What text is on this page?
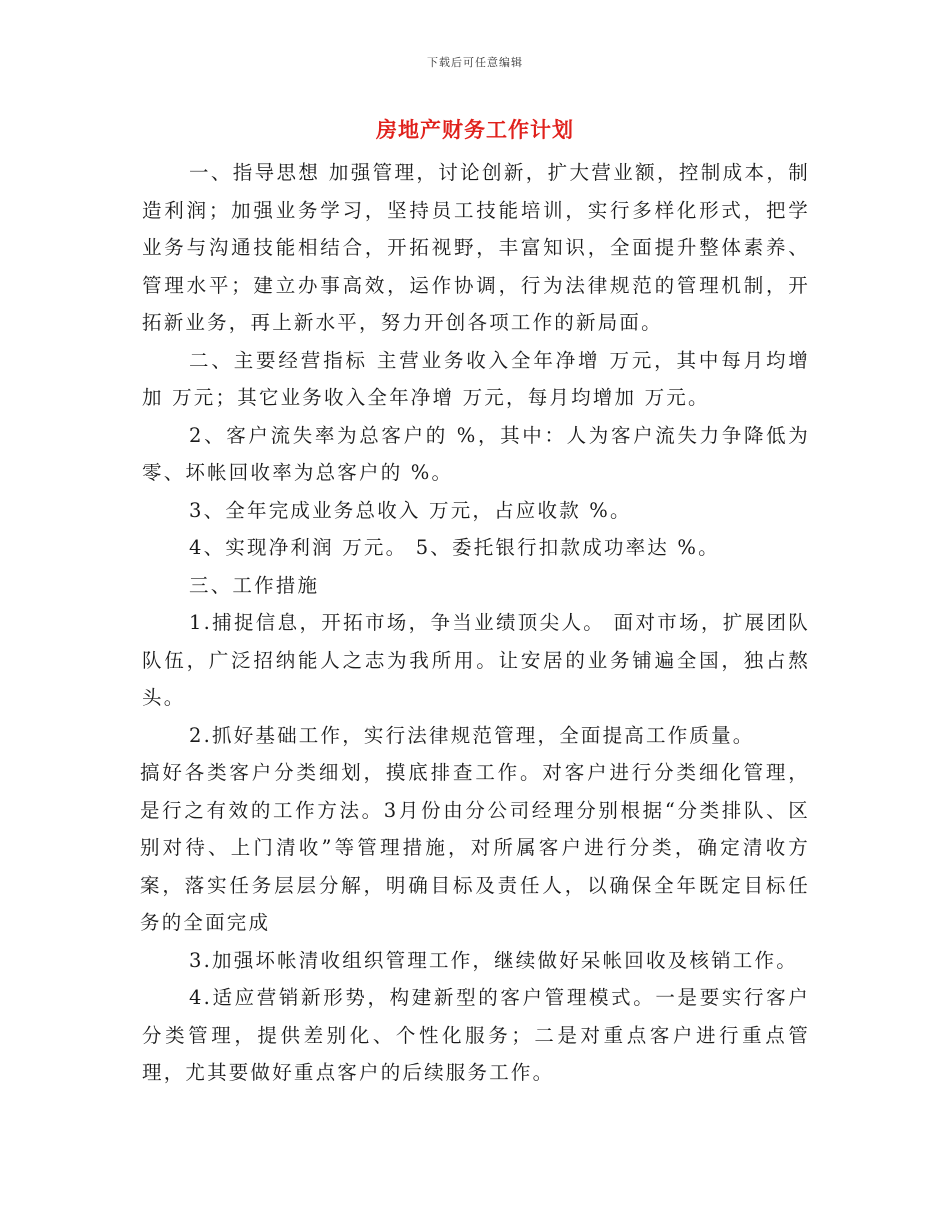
下载后可任意编辑
房地产财务工作计划

一、指导思想 加强管理，讨论创新，扩大营业额，控制成本，制造利润；加强业务学习，坚持员工技能培训，实行多样化形式，把学业务与沟通技能相结合，开拓视野，丰富知识，全面提升整体素养、管理水平；建立办事高效，运作协调，行为法律规范的管理机制，开拓新业务，再上新水平，努力开创各项工作的新局面。

二、主要经营指标 主营业务收入全年净增 万元，其中每月均增加 万元；其它业务收入全年净增 万元，每月均增加 万元。

2、客户流失率为总客户的 %，其中：人为客户流失力争降低为零、坏帐回收率为总客户的 %。

3、全年完成业务总收入 万元，占应收款 %。

4、实现净利润 万元。 5、委托银行扣款成功率达 %。

三、工作措施

1.捕捉信息，开拓市场，争当业绩顶尖人。 面对市场，扩展团队队伍，广泛招纳能人之志为我所用。让安居的业务铺遍全国，独占熬头。

2.抓好基础工作，实行法律规范管理，全面提高工作质量。

搞好各类客户分类细划，摸底排查工作。对客户进行分类细化管理，是行之有效的工作方法。3月份由分公司经理分别根据“分类排队、区别对待、上门清收”等管理措施，对所属客户进行分类，确定清收方案，落实任务层层分解，明确目标及责任人，以确保全年既定目标任务的全面完成

3.加强坏帐清收组织管理工作，继续做好呆帐回收及核销工作。

4.适应营销新形势，构建新型的客户管理模式。一是要实行客户分类管理，提供差别化、个性化服务；二是对重点客户进行重点管理，尤其要做好重点客户的后续服务工作。
